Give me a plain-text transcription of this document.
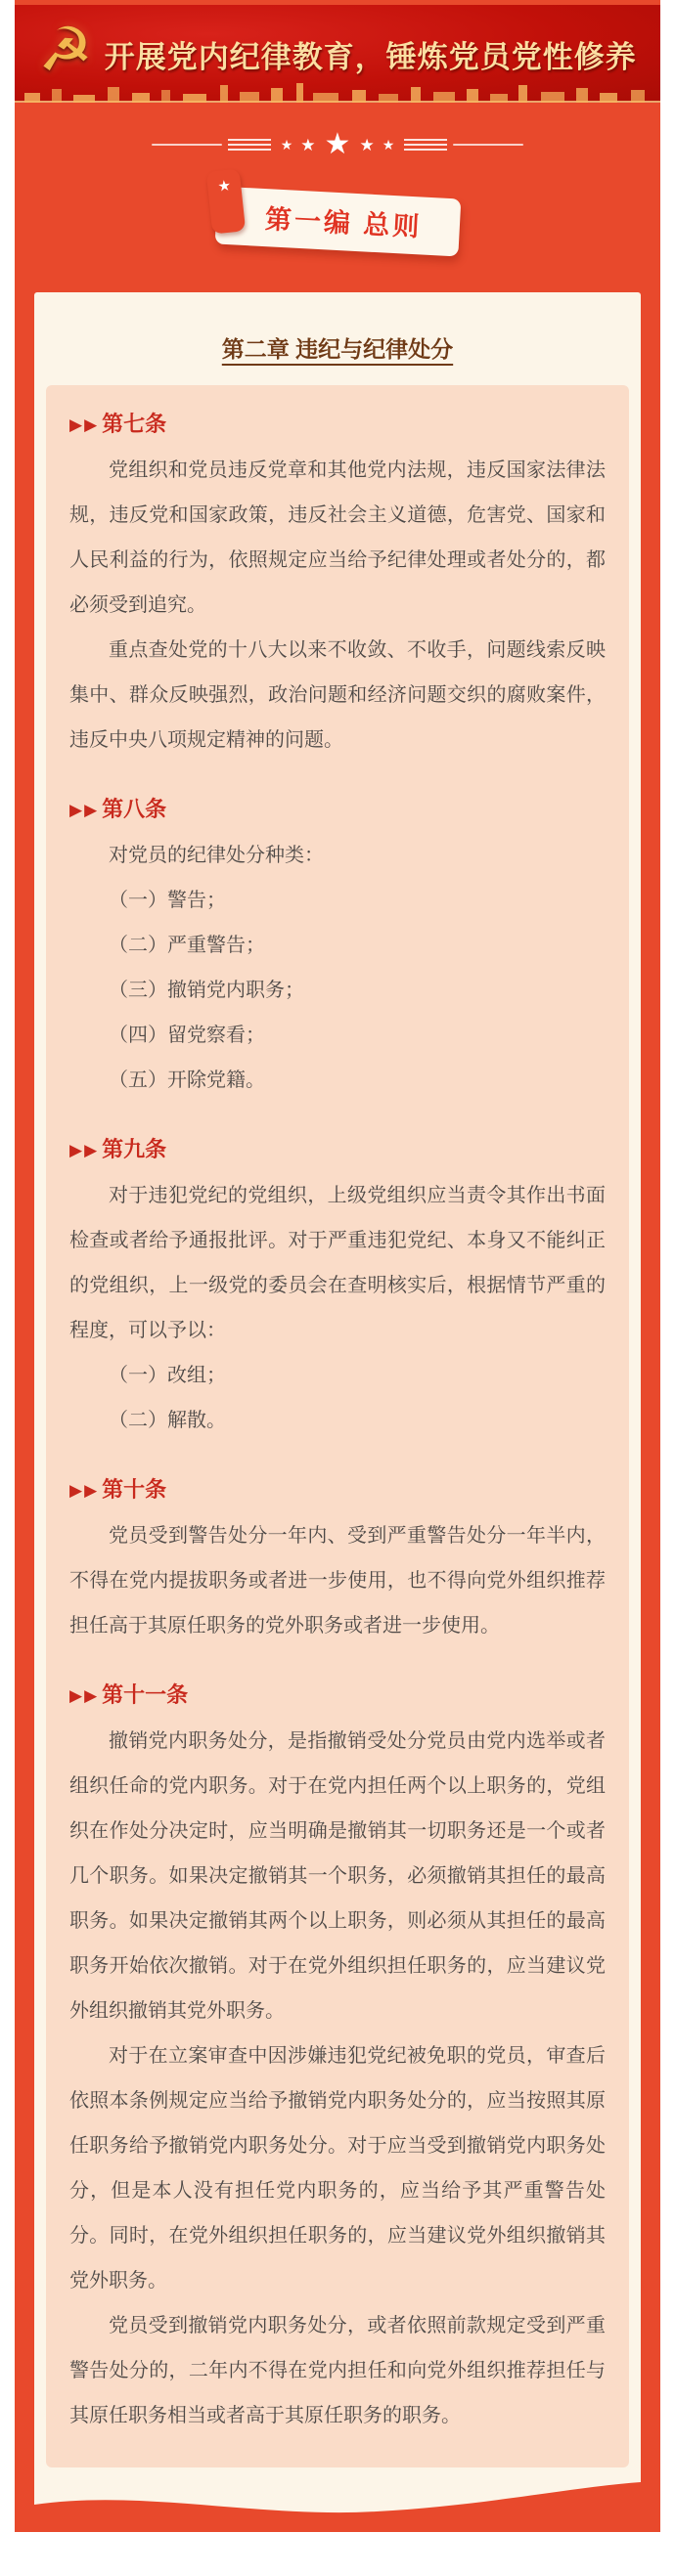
☭ 开展党内纪律教育，锤炼党员党性修养
★ ★ ★ ★ ★
★
第一编 总则
第二章 违纪与纪律处分
▶ ▶ 第七条

党组织和党员违反党章和其他党内法规，违反国家法律法规，违反党和国家政策，违反社会主义道德，危害党、国家和人民利益的行为，依照规定应当给予纪律处理或者处分的，都必须受到追究。

重点查处党的十八大以来不收敛、不收手，问题线索反映集中、群众反映强烈，政治问题和经济问题交织的腐败案件，违反中央八项规定精神的问题。

▶ ▶ 第八条

对党员的纪律处分种类：

（一）警告；
（二）严重警告；
（三）撤销党内职务；
（四）留党察看；
（五）开除党籍。
▶ ▶ 第九条

对于违犯党纪的党组织，上级党组织应当责令其作出书面检查或者给予通报批评。对于严重违犯党纪、本身又不能纠正的党组织，上一级党的委员会在查明核实后，根据情节严重的程度，可以予以：

（一）改组；
（二）解散。
▶ ▶ 第十条

党员受到警告处分一年内、受到严重警告处分一年半内，不得在党内提拔职务或者进一步使用，也不得向党外组织推荐担任高于其原任职务的党外职务或者进一步使用。

▶ ▶ 第十一条

撤销党内职务处分，是指撤销受处分党员由党内选举或者组织任命的党内职务。对于在党内担任两个以上职务的，党组织在作处分决定时，应当明确是撤销其一切职务还是一个或者几个职务。如果决定撤销其一个职务，必须撤销其担任的最高职务。如果决定撤销其两个以上职务，则必须从其担任的最高职务开始依次撤销。对于在党外组织担任职务的，应当建议党外组织撤销其党外职务。

对于在立案审查中因涉嫌违犯党纪被免职的党员，审查后依照本条例规定应当给予撤销党内职务处分的，应当按照其原任职务给予撤销党内职务处分。对于应当受到撤销党内职务处分，但是本人没有担任党内职务的，应当给予其严重警告处分。同时，在党外组织担任职务的，应当建议党外组织撤销其党外职务。

党员受到撤销党内职务处分，或者依照前款规定受到严重警告处分的，二年内不得在党内担任和向党外组织推荐担任与其原任职务相当或者高于其原任职务的职务。

★ ★ ★ ★ ★
